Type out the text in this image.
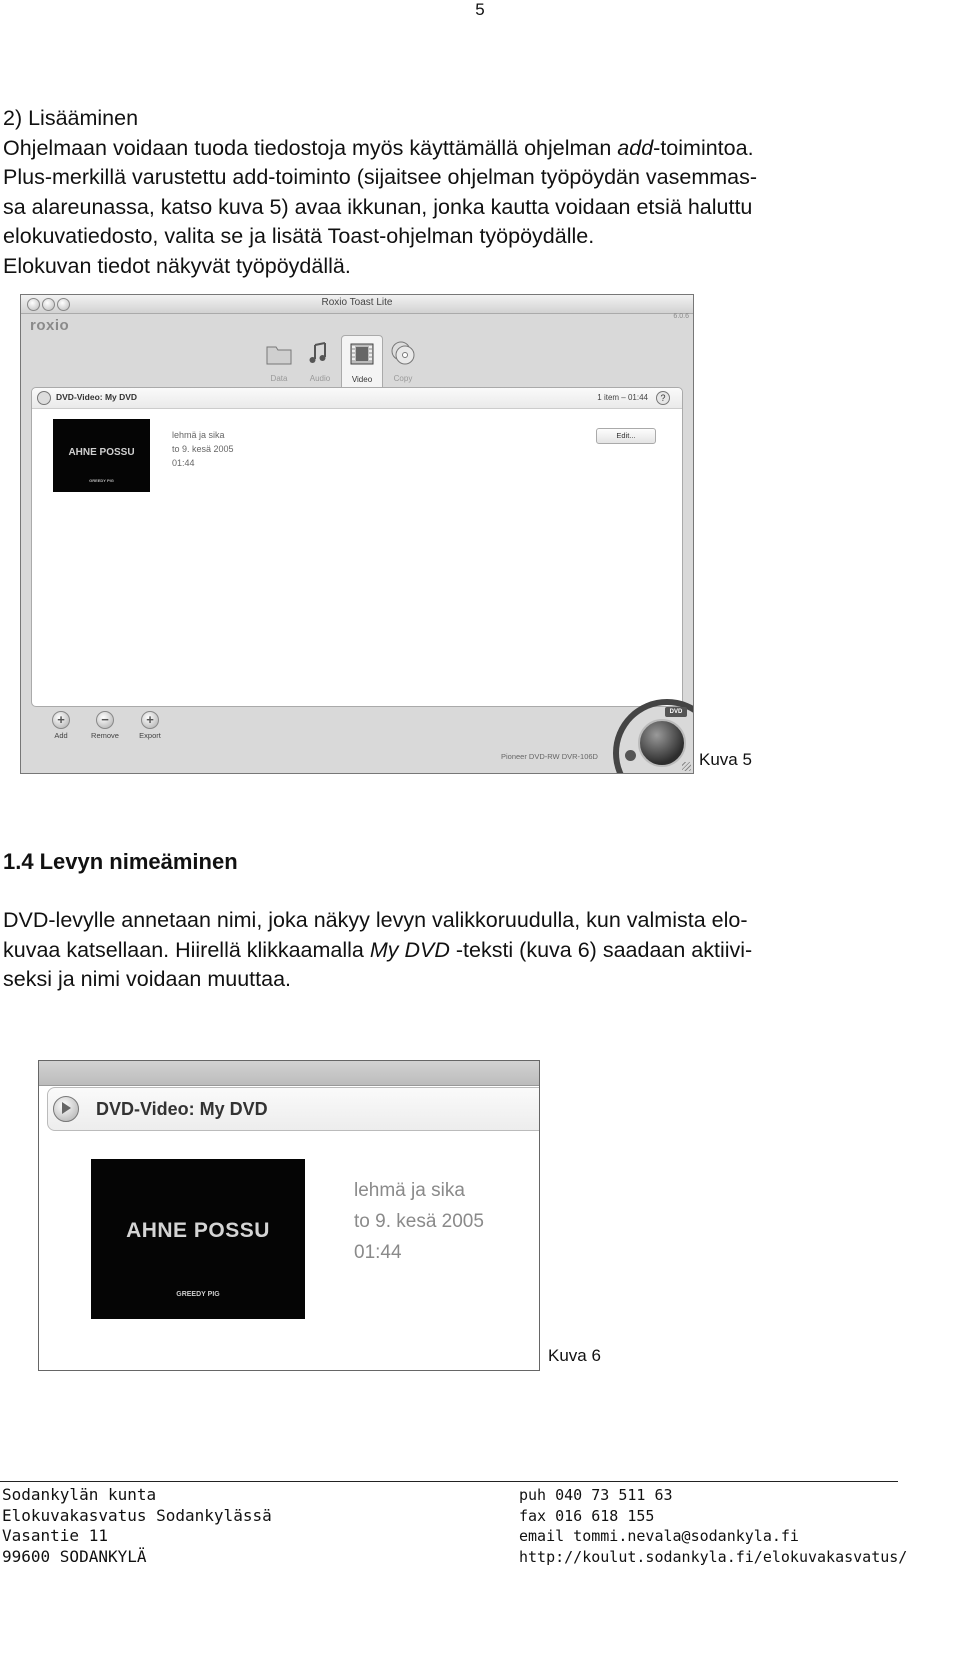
5

2) Lisääminen

Ohjelmaan voidaan tuoda tiedostoja myös käyttämällä ohjelman add-toimintoa.

Plus-merkillä varustettu add-toiminto (sijaitsee ohjelman työpöydän vasemmas-

sa alareunassa, katso kuva 5) avaa ikkunan, jonka kautta voidaan etsiä haluttu

elokuvatiedosto, valita se ja lisätä Toast-ohjelman työpöydälle.

Elokuvan tiedot näkyvät työpöydällä.

Roxio Toast Lite
roxio
6.0.6
Data	Audio	Video	Copy
DVD-Video: My DVD	1 item – 01:44	?
AHNE POSSU
GREEDY PIG
lehmä ja sika
to 9. kesä 2005
01:44
Edit...
+
Add
−
Remove
+
Export
Pioneer DVD-RW DVR-106D
DVD
Kuva 5
1.4 Levyn nimeäminen

DVD-levylle annetaan nimi, joka näkyy levyn valikkoruudulla, kun valmista elo-

kuvaa katsellaan. Hiirellä klikkaamalla My DVD -teksti (kuva 6) saadaan aktiivi-

seksi ja nimi voidaan muuttaa.

DVD-Video: My DVD
AHNE POSSU
GREEDY PIG
lehmä ja sika
to 9. kesä 2005
01:44
Kuva 6
Sodankylän kunta
Elokuvakasvatus Sodankylässä
Vasantie 11
99600 SODANKYLÄ
puh 040 73 511 63
fax 016 618 155
email tommi.nevala@sodankyla.fi
http://koulut.sodankyla.fi/elokuvakasvatus/
